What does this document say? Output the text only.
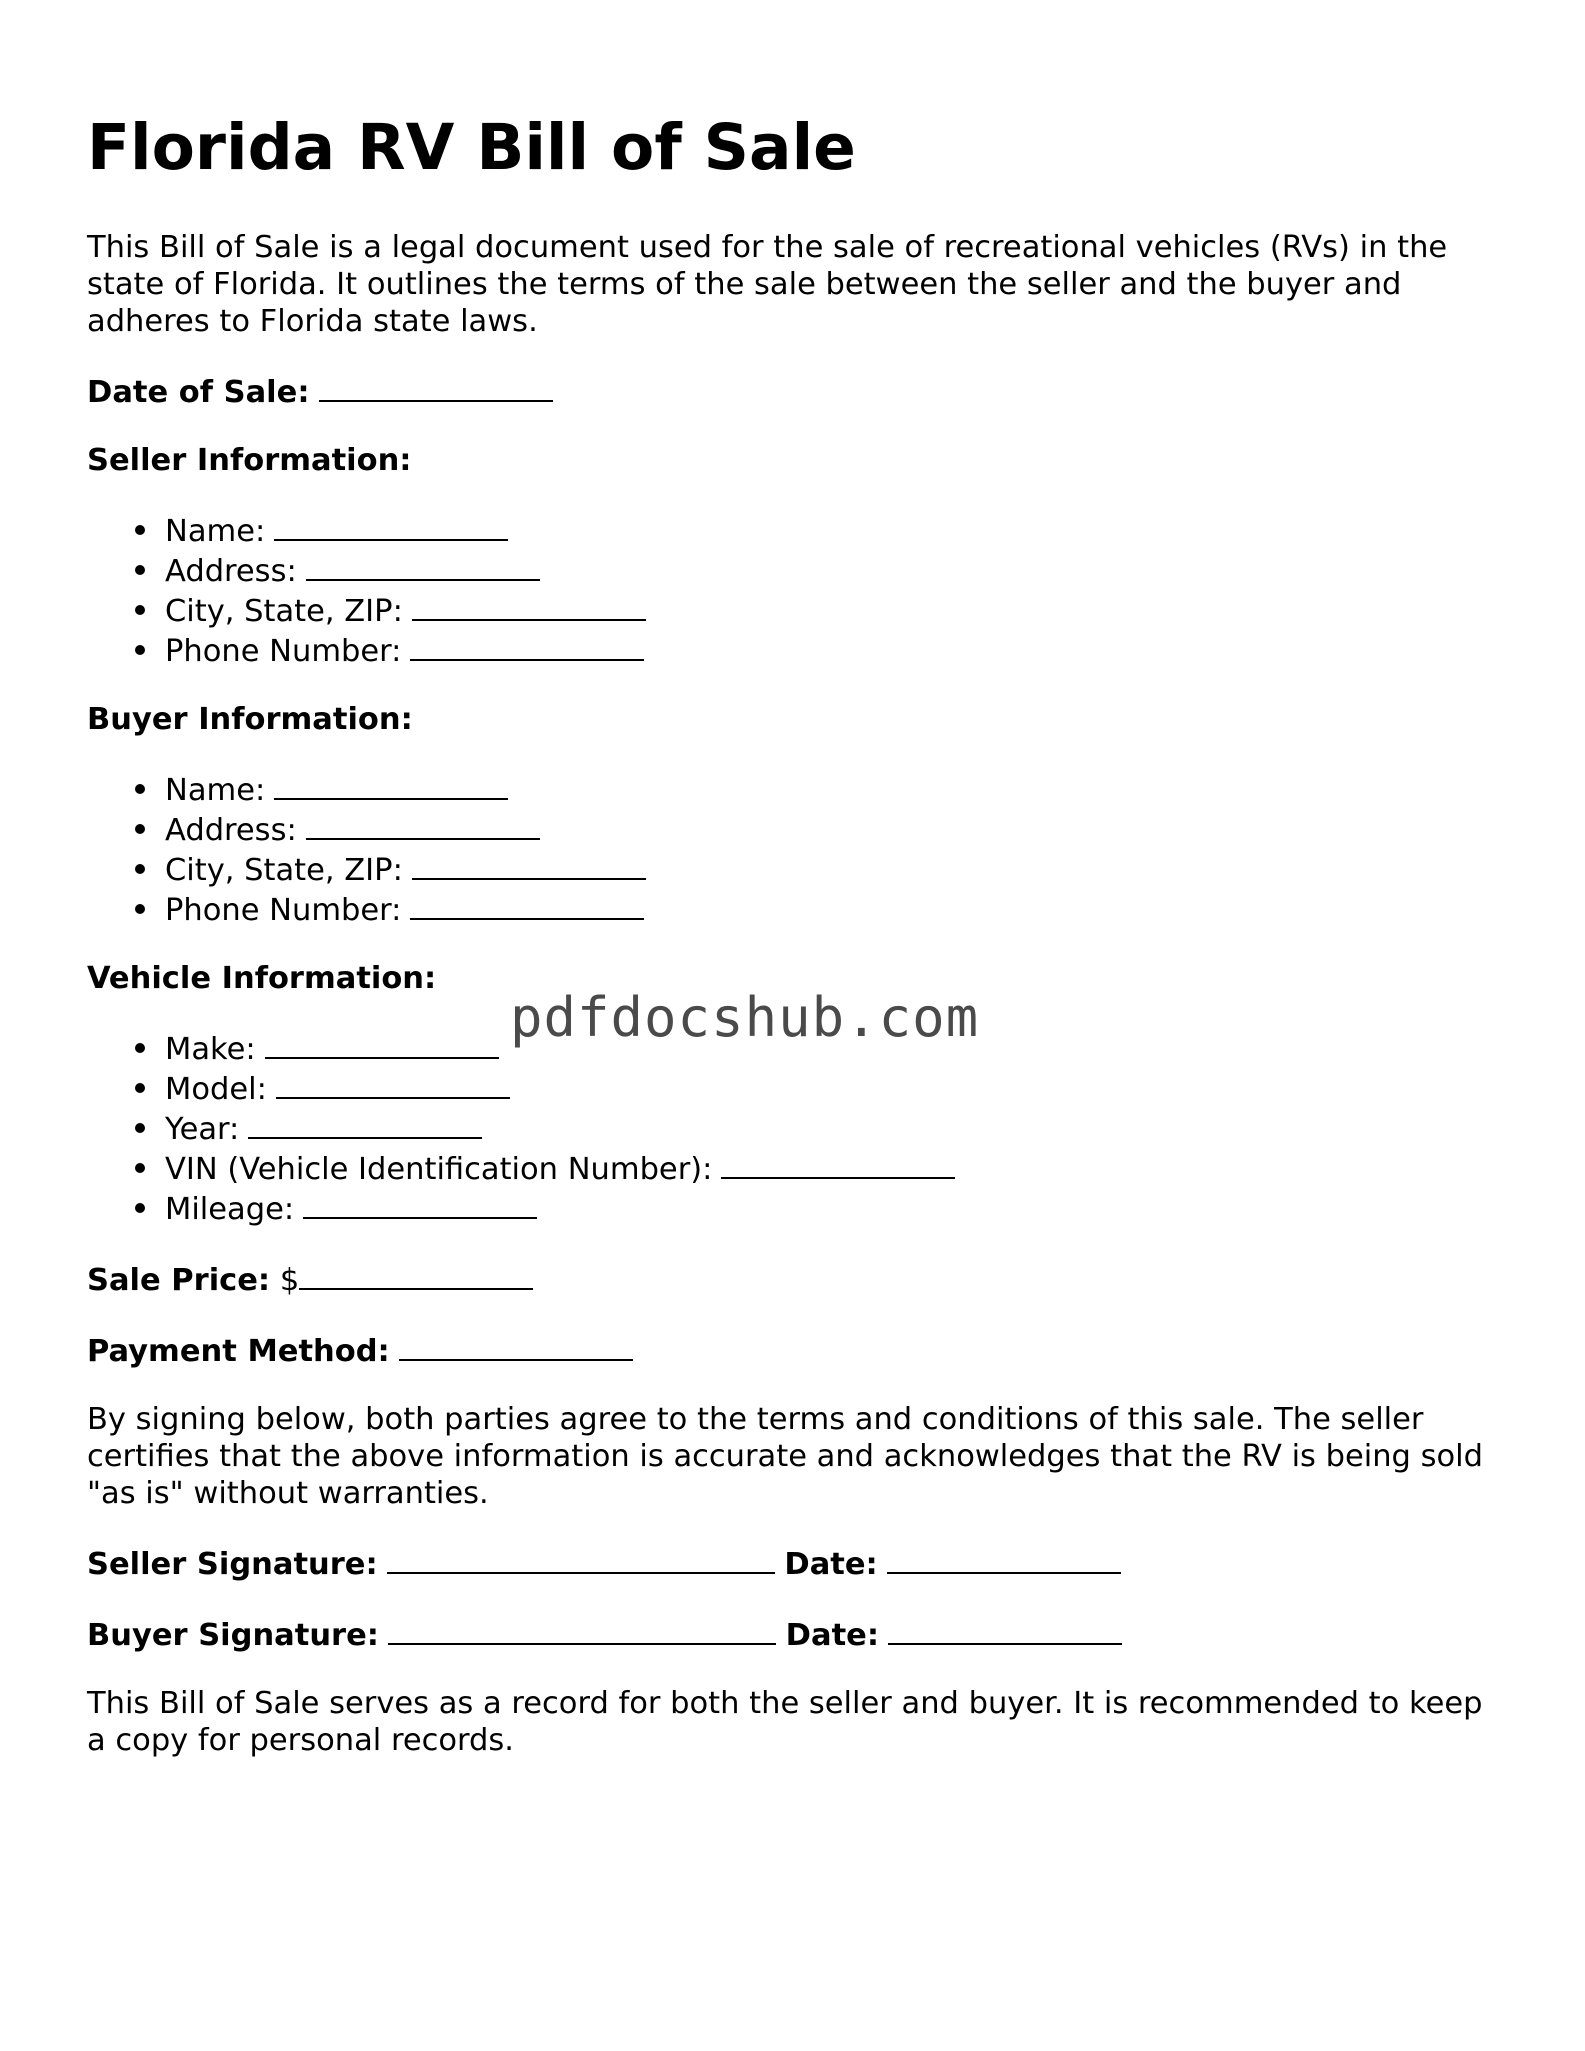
Florida RV Bill of Sale

This Bill of Sale is a legal document used for the sale of recreational vehicles (RVs) in the state of Florida. It outlines the terms of the sale between the seller and the buyer and adheres to Florida state laws.

Date of Sale:

Seller Information:

Name:
Address:
City, State, ZIP:
Phone Number:

Buyer Information:

Name:
Address:
City, State, ZIP:
Phone Number:

Vehicle Information:

Make:
Model:
Year:
VIN (Vehicle Identification Number):
Mileage:

Sale Price: $

Payment Method:

By signing below, both parties agree to the terms and conditions of this sale. The seller certifies that the above information is accurate and acknowledges that the RV is being sold "as is" without warranties.

Seller Signature:	Date:

Buyer Signature:	Date:

This Bill of Sale serves as a record for both the seller and buyer. It is recommended to keep a copy for personal records.

pdfdocshub.com
